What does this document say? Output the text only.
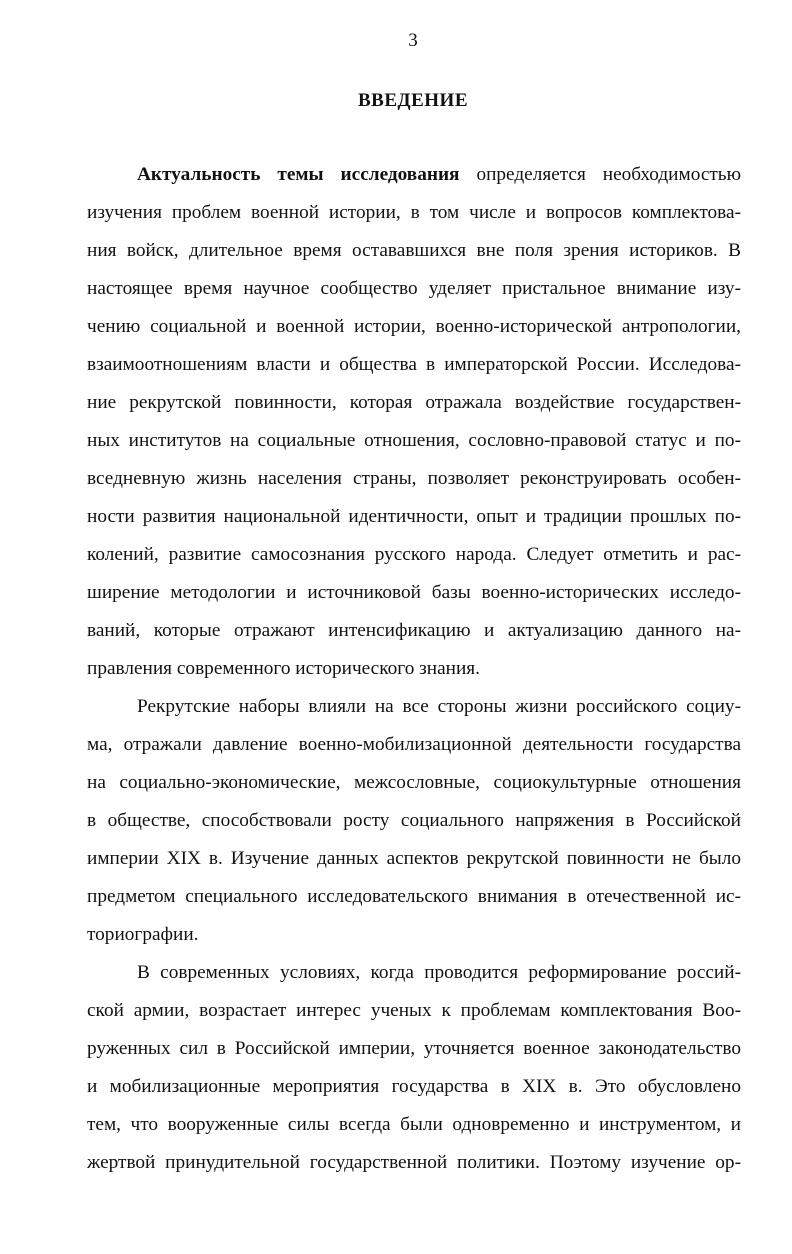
3
ВВЕДЕНИЕ
Актуальность темы исследования определяется необходимостью
изучения проблем военной истории, в том числе и вопросов комплектова-
ния войск, длительное время остававшихся вне поля зрения историков. В
настоящее время научное сообщество уделяет пристальное внимание изу-
чению социальной и военной истории, военно-исторической антропологии,
взаимоотношениям власти и общества в императорской России. Исследова-
ние рекрутской повинности, которая отражала воздействие государствен-
ных институтов на социальные отношения, сословно-правовой статус и по-
вседневную жизнь населения страны, позволяет реконструировать особен-
ности развития национальной идентичности, опыт и традиции прошлых по-
колений, развитие самосознания русского народа. Следует отметить и рас-
ширение методологии и источниковой базы военно-исторических исследо-
ваний, которые отражают интенсификацию и актуализацию данного на-
правления современного исторического знания.
Рекрутские наборы влияли на все стороны жизни российского социу-
ма, отражали давление военно-мобилизационной деятельности государства
на социально-экономические, межсословные, социокультурные отношения
в обществе, способствовали росту социального напряжения в Российской
империи XIX в. Изучение данных аспектов рекрутской повинности не было
предметом специального исследовательского внимания в отечественной ис-
ториографии.
В современных условиях, когда проводится реформирование россий-
ской армии, возрастает интерес ученых к проблемам комплектования Воо-
руженных сил в Российской империи, уточняется военное законодательство
и мобилизационные мероприятия государства в XIX в. Это обусловлено
тем, что вооруженные силы всегда были одновременно и инструментом, и
жертвой принудительной государственной политики. Поэтому изучение ор-
